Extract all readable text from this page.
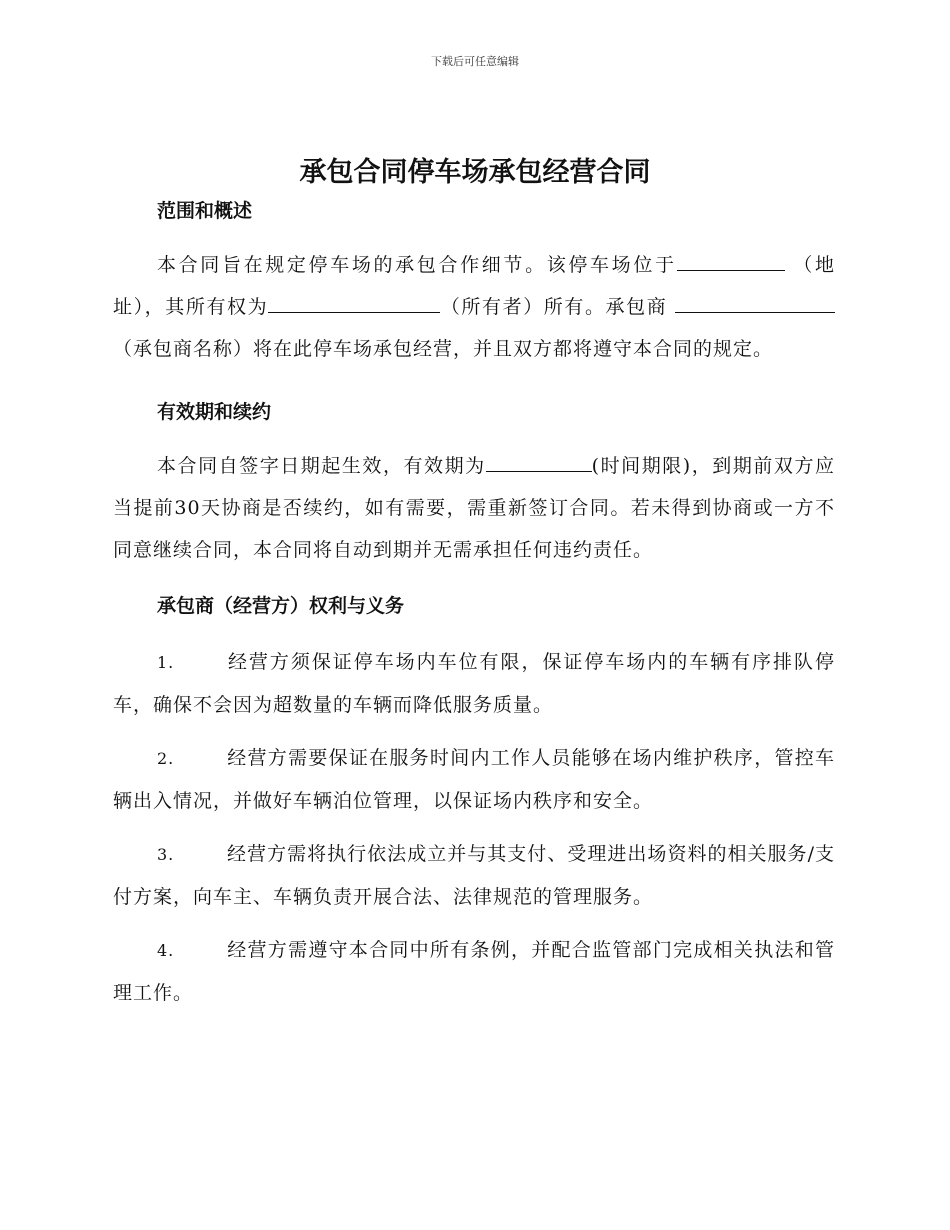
下载后可任意编辑
承包合同停车场承包经营合同
范围和概述

本合同旨在规定停车场的承包合作细节。该停车场位于	（地址），其所有权为	（所有者）所有。承包商 （承包商名称）将在此停车场承包经营，并且双方都将遵守本合同的规定。

有效期和续约

本合同自签字日期起生效，有效期为	(时间期限)，到期前双方应当提前30天协商是否续约，如有需要，需重新签订合同。若未得到协商或一方不同意继续合同，本合同将自动到期并无需承担任何违约责任。

承包商（经营方）权利与义务

1.	经营方须保证停车场内车位有限，保证停车场内的车辆有序排队停车，确保不会因为超数量的车辆而降低服务质量。

2.	经营方需要保证在服务时间内工作人员能够在场内维护秩序，管控车辆出入情况，并做好车辆泊位管理，以保证场内秩序和安全。

3.	经营方需将执行依法成立并与其支付、受理进出场资料的相关服务/支付方案，向车主、车辆负责开展合法、法律规范的管理服务。

4.	经营方需遵守本合同中所有条例，并配合监管部门完成相关执法和管理工作。
